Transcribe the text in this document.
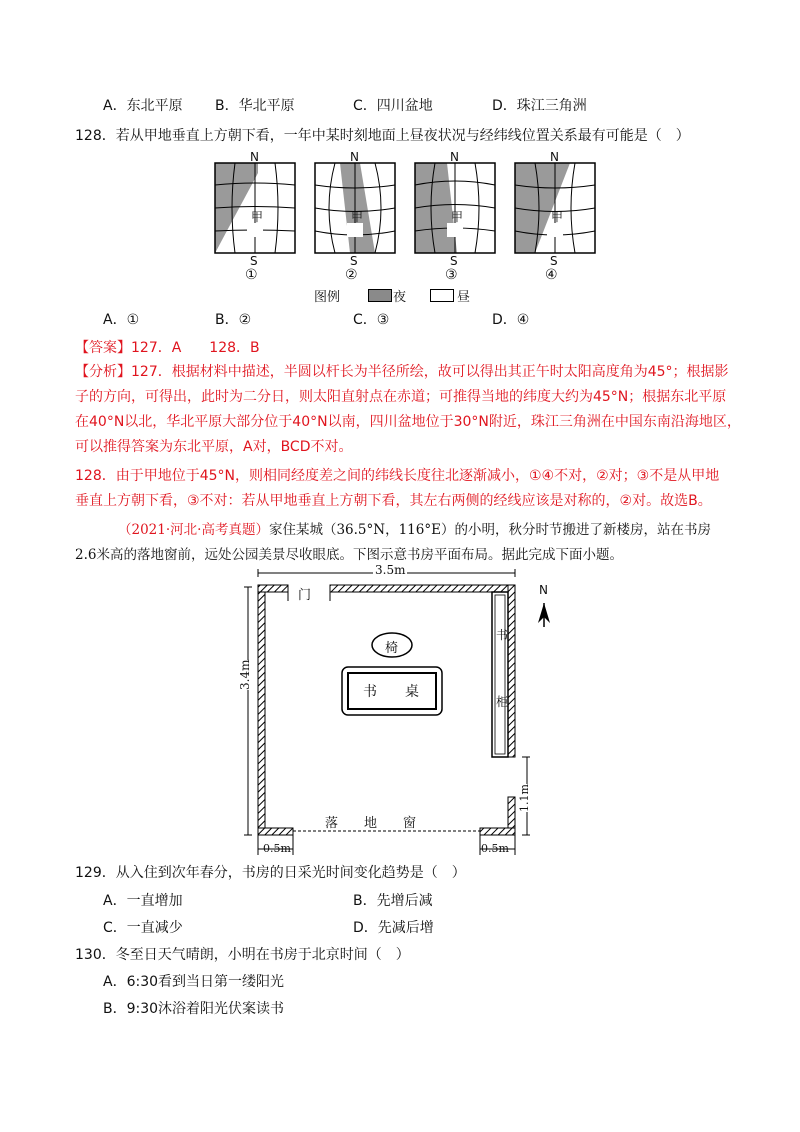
A．东北平原 B．华北平原	C．四川盆地	D．珠江三角洲
128．若从甲地垂直上方朝下看，一年中某时刻地面上昼夜状况与经纬线位置关系最有可能是（　）
N	N	N	N
甲	甲	甲	甲
S	S	S	S
①	②	③	④
图例	夜	昼
A．①	B．②	C．③	D．④
【答案】127．A　　128．B
【分析】127．根据材料中描述，半圆以杆长为半径所绘，故可以得出其正午时太阳高度角为45°；根据影
子的方向，可得出，此时为二分日，则太阳直射点在赤道；可推得当地的纬度大约为45°N；根据东北平原
在40°N以北，华北平原大部分位于40°N以南，四川盆地位于30°N附近，珠江三角洲在中国东南沿海地区，
可以推得答案为东北平原，A对，BCD不对。
128．由于甲地位于45°N，则相同经度差之间的纬线长度往北逐渐减小，①④不对，②对；③不是从甲地
垂直上方朝下看，③不对：若从甲地垂直上方朝下看，其左右两侧的经线应该是对称的，②对。故选B。
（2021·河北·高考真题）家住某城（36.5°N，116°E）的小明，秋分时节搬进了新楼房，站在书房
2.6米高的落地窗前，远处公园美景尽收眼底。下图示意书房平面布局。据此完成下面小题。
3.5m
3.4m
门
椅
书　　桌
书
柜
落　　地　　窗
1.1m
0.5m	0.5m
N
129．从入住到次年春分，书房的日采光时间变化趋势是（　）
A．一直增加	B．先增后减
C．一直减少	D．先减后增
130．冬至日天气晴朗，小明在书房于北京时间（　）
A．6:30看到当日第一缕阳光
B．9:30沐浴着阳光伏案读书
